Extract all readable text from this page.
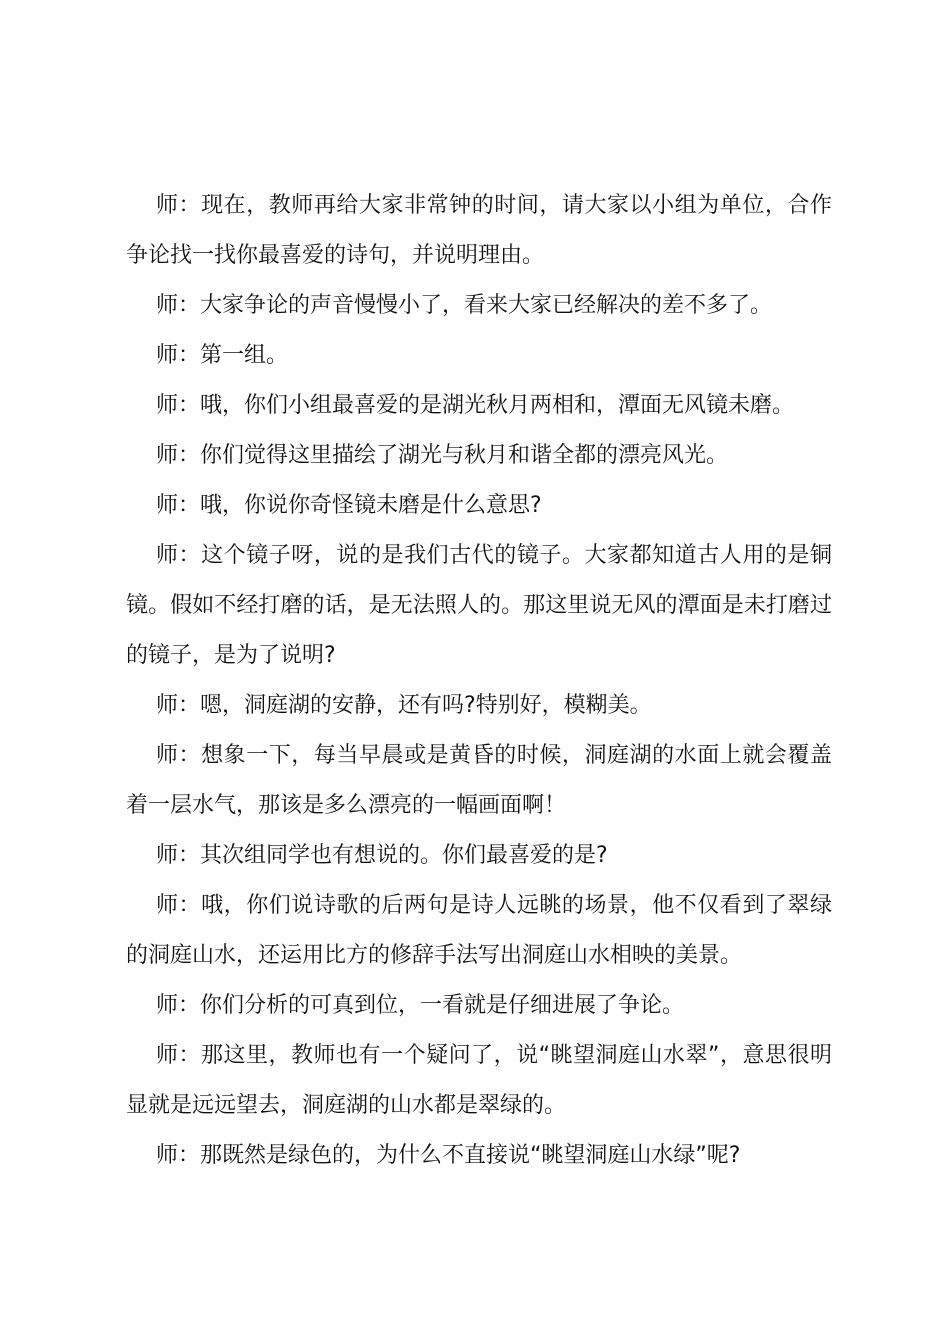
师：现在，教师再给大家非常钟的时间，请大家以小组为单位，合作争论找一找你最喜爱的诗句，并说明理由。

师：大家争论的声音慢慢小了，看来大家已经解决的差不多了。

师：第一组。

师：哦，你们小组最喜爱的是湖光秋月两相和，潭面无风镜未磨。

师：你们觉得这里描绘了湖光与秋月和谐全都的漂亮风光。

师：哦，你说你奇怪镜未磨是什么意思?

师：这个镜子呀，说的是我们古代的镜子。大家都知道古人用的是铜镜。假如不经打磨的话，是无法照人的。那这里说无风的潭面是未打磨过的镜子，是为了说明?

师：嗯，洞庭湖的安静，还有吗?特别好，模糊美。

师：想象一下，每当早晨或是黄昏的时候，洞庭湖的水面上就会覆盖着一层水气，那该是多么漂亮的一幅画面啊！

师：其次组同学也有想说的。你们最喜爱的是?

师：哦，你们说诗歌的后两句是诗人远眺的场景，他不仅看到了翠绿的洞庭山水，还运用比方的修辞手法写出洞庭山水相映的美景。

师：你们分析的可真到位，一看就是仔细进展了争论。

师：那这里，教师也有一个疑问了，说“眺望洞庭山水翠”，意思很明显就是远远望去，洞庭湖的山水都是翠绿的。

师：那既然是绿色的，为什么不直接说“眺望洞庭山水绿”呢?
